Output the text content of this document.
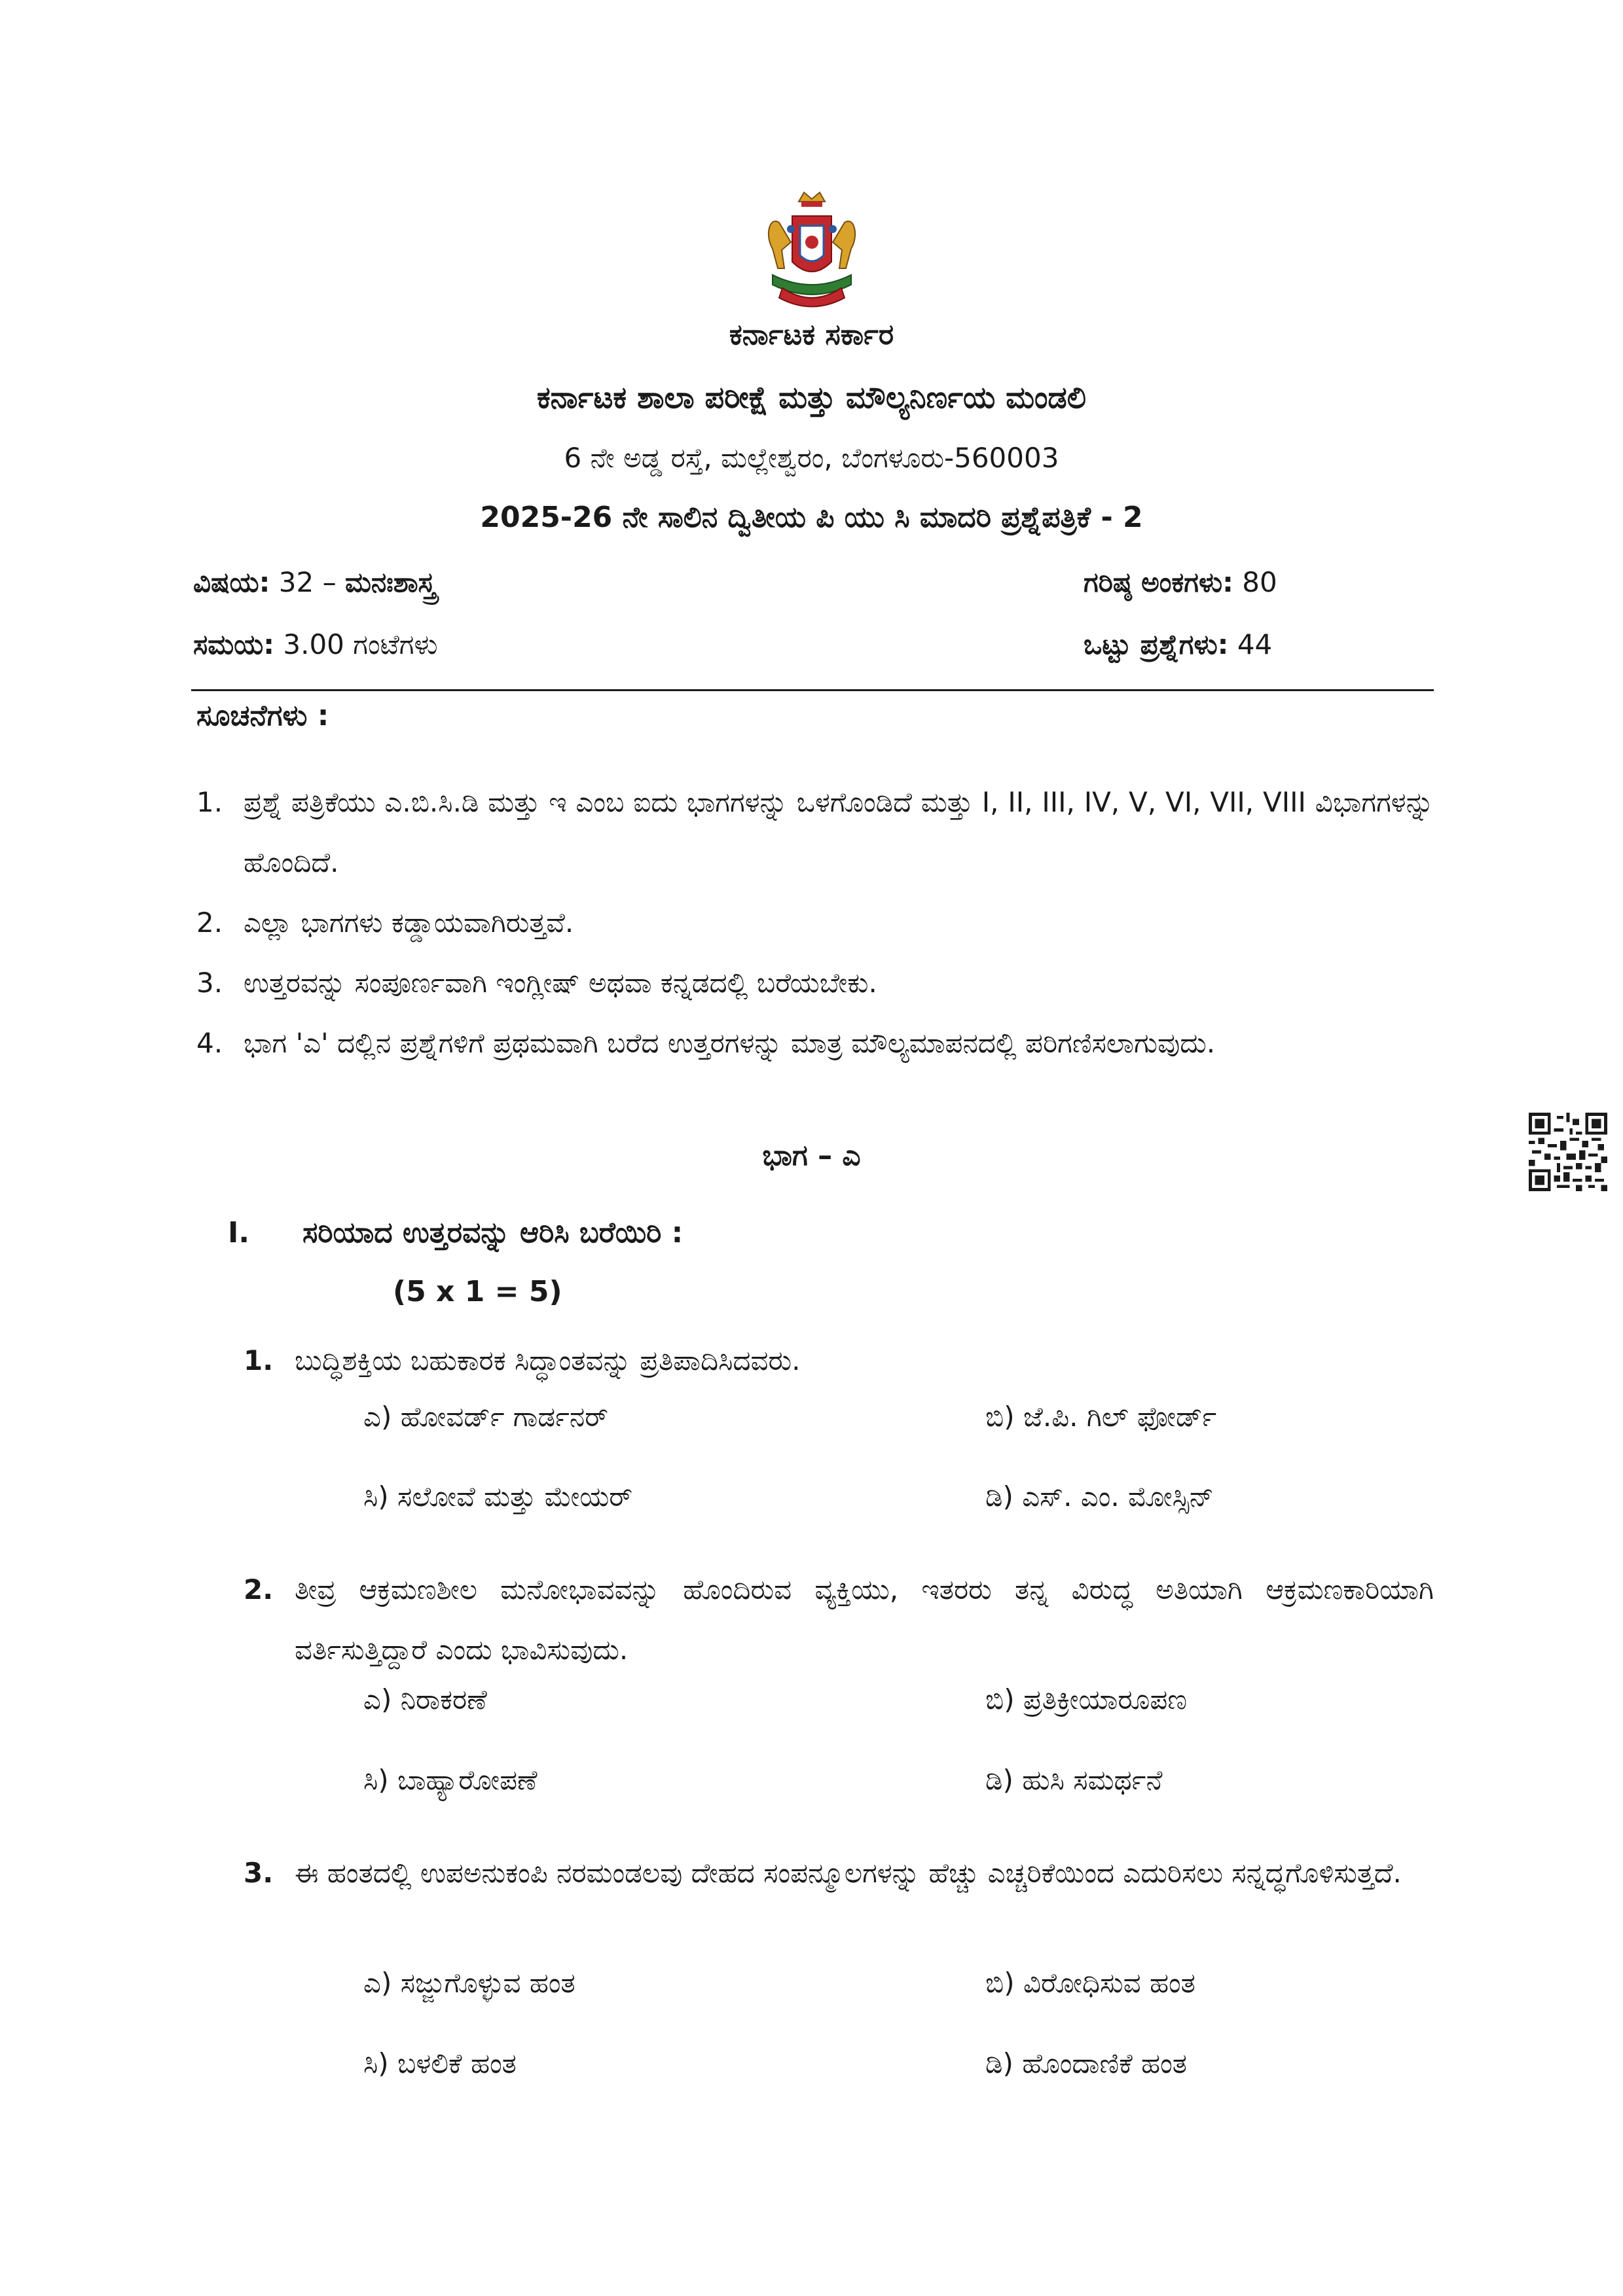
ಕರ್ನಾಟಕ ಸರ್ಕಾರ
ಕರ್ನಾಟಕ ಶಾಲಾ ಪರೀಕ್ಷೆ ಮತ್ತು ಮೌಲ್ಯನಿರ್ಣಯ ಮಂಡಲಿ
6 ನೇ ಅಡ್ಡ ರಸ್ತೆ, ಮಲ್ಲೇಶ್ವರಂ, ಬೆಂಗಳೂರು-560003
2025-26 ನೇ ಸಾಲಿನ ದ್ವಿತೀಯ ಪಿ ಯು ಸಿ ಮಾದರಿ ಪ್ರಶ್ನೆಪತ್ರಿಕೆ - 2
ವಿಷಯ: 32 – ಮನಃಶಾಸ್ತ್ರ	ಗರಿಷ್ಠ ಅಂಕಗಳು: 80
ಸಮಯ: 3.00 ಗಂಟೆಗಳು	ಒಟ್ಟು ಪ್ರಶ್ನೆಗಳು: 44
ಸೂಚನೆಗಳು :
1. ಪ್ರಶ್ನೆ ಪತ್ರಿಕೆಯು ಎ.ಬಿ.ಸಿ.ಡಿ ಮತ್ತು ಇ ಎಂಬ ಐದು ಭಾಗಗಳನ್ನು ಒಳಗೊಂಡಿದೆ ಮತ್ತು I, II, III, IV, V, VI, VII, VIII ವಿಭಾಗಗಳನ್ನು ಹೊಂದಿದೆ.
2. ಎಲ್ಲಾ ಭಾಗಗಳು ಕಡ್ಡಾಯವಾಗಿರುತ್ತವೆ.
3. ಉತ್ತರವನ್ನು ಸಂಪೂರ್ಣವಾಗಿ ಇಂಗ್ಲೀಷ್ ಅಥವಾ ಕನ್ನಡದಲ್ಲಿ ಬರೆಯಬೇಕು.
4. ಭಾಗ 'ಎ' ದಲ್ಲಿನ ಪ್ರಶ್ನೆಗಳಿಗೆ ಪ್ರಥಮವಾಗಿ ಬರೆದ ಉತ್ತರಗಳನ್ನು ಮಾತ್ರ ಮೌಲ್ಯಮಾಪನದಲ್ಲಿ ಪರಿಗಣಿಸಲಾಗುವುದು.
ಭಾಗ – ಎ
I. ಸರಿಯಾದ ಉತ್ತರವನ್ನು ಆರಿಸಿ ಬರೆಯಿರಿ :
(5 x 1 = 5)
1. ಬುದ್ಧಿಶಕ್ತಿಯ ಬಹುಕಾರಕ ಸಿದ್ಧಾಂತವನ್ನು ಪ್ರತಿಪಾದಿಸಿದವರು.
ಎ) ಹೋವರ್ಡ್ ಗಾರ್ಡನರ್	ಬಿ) ಜೆ.ಪಿ. ಗಿಲ್ ಫೋರ್ಡ್
ಸಿ) ಸಲೋವೆ ಮತ್ತು ಮೇಯರ್	ಡಿ) ಎಸ್. ಎಂ. ಮೋಸ್ಸಿನ್
2. ತೀವ್ರ ಆಕ್ರಮಣಶೀಲ ಮನೋಭಾವವನ್ನು ಹೊಂದಿರುವ ವ್ಯಕ್ತಿಯು, ಇತರರು ತನ್ನ ವಿರುದ್ಧ ಅತಿಯಾಗಿ ಆಕ್ರಮಣಕಾರಿಯಾಗಿ ವರ್ತಿಸುತ್ತಿದ್ದಾರೆ ಎಂದು ಭಾವಿಸುವುದು.
ಎ) ನಿರಾಕರಣೆ	ಬಿ) ಪ್ರತಿಕ್ರೀಯಾರೂಪಣ
ಸಿ) ಬಾಹ್ಯಾರೋಪಣೆ	ಡಿ) ಹುಸಿ ಸಮರ್ಥನೆ
3. ಈ ಹಂತದಲ್ಲಿ ಉಪಅನುಕಂಪಿ ನರಮಂಡಲವು ದೇಹದ ಸಂಪನ್ಮೂಲಗಳನ್ನು ಹೆಚ್ಚು ಎಚ್ಚರಿಕೆಯಿಂದ ಎದುರಿಸಲು ಸನ್ನದ್ಧಗೊಳಿಸುತ್ತದೆ.
ಎ) ಸಜ್ಜುಗೊಳ್ಳುವ ಹಂತ	ಬಿ) ವಿರೋಧಿಸುವ ಹಂತ
ಸಿ) ಬಳಲಿಕೆ ಹಂತ	ಡಿ) ಹೊಂದಾಣಿಕೆ ಹಂತ
